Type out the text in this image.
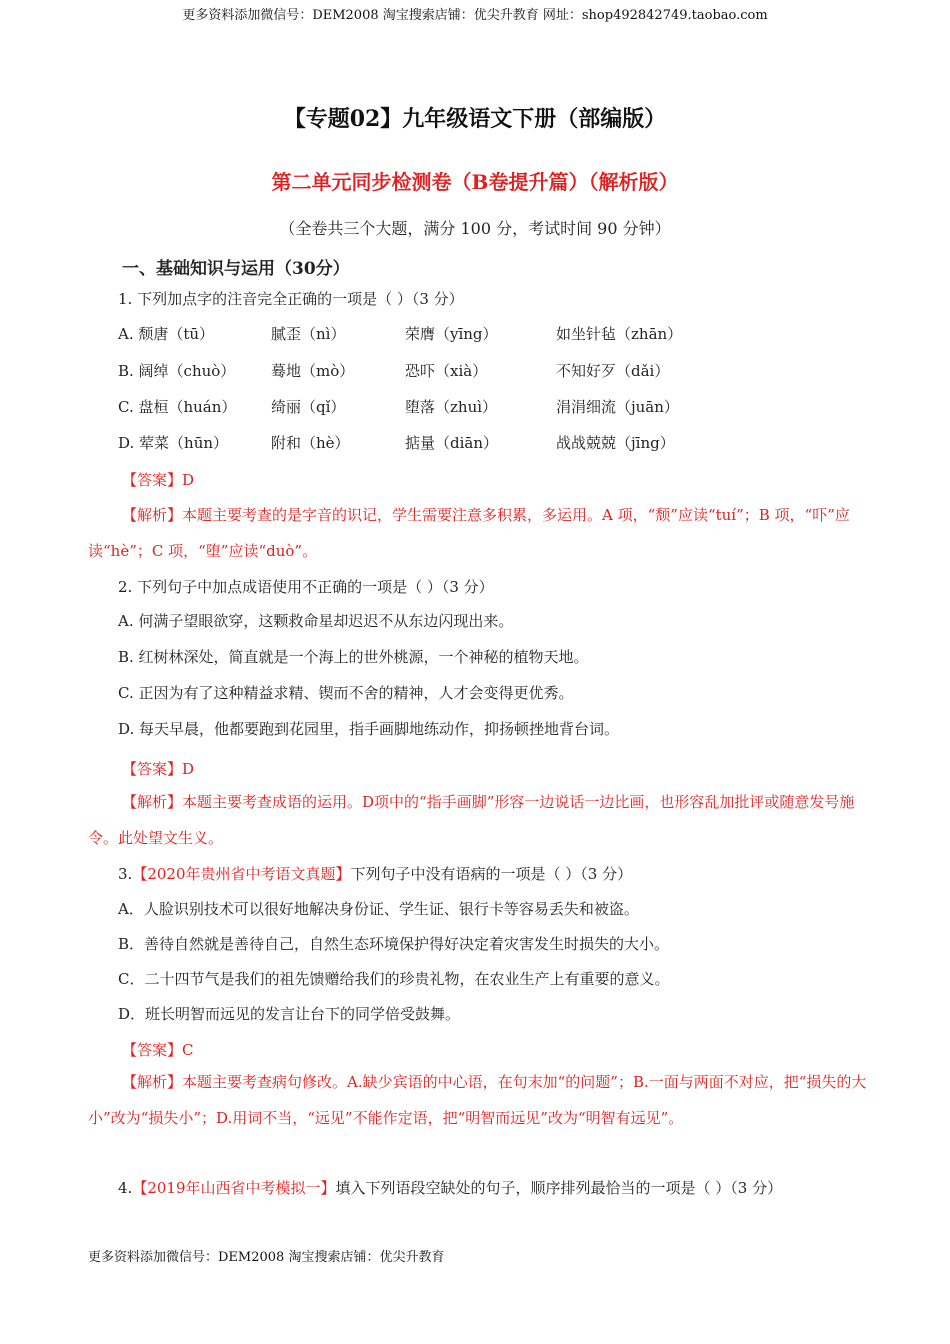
更多资料添加微信号：DEM2008 淘宝搜索店铺：优尖升教育 网址：shop492842749.taobao.com
【专题02】九年级语文下册（部编版）
第二单元同步检测卷（B卷提升篇）（解析版）
（全卷共三个大题，满分 100 分，考试时间 90 分钟）
一、基础知识与运用（30分）
1. 下列加点字的注音完全正确的一项是（ ）（3 分）
A. 颓唐（tū）	腻歪（nì）	荣膺（yīng）	如坐针毡（zhān）
B. 阔绰（chuò） 蓦地（mò）	恐吓（xià）	不知好歹（dǎi）
C. 盘桓（huán） 绮丽（qǐ）	堕落（zhuì）	涓涓细流（juān）
D. 荤菜（hūn）	附和（hè）	掂量（diān）	战战兢兢（jīng）
【答案】D
【解析】本题主要考查的是字音的识记，学生需要注意多积累，多运用。A 项，“颓”应读“tuí”；B 项，“吓”应读“hè”；C 项，“堕”应读“duò”。
2. 下列句子中加点成语使用不正确的一项是（ ）（3 分）
A. 何满子望眼欲穿，这颗救命星却迟迟不从东边闪现出来。
B. 红树林深处，简直就是一个海上的世外桃源，一个神秘的植物天地。
C. 正因为有了这种精益求精、锲而不舍的精神，人才会变得更优秀。
D. 每天早晨，他都要跑到花园里，指手画脚地练动作，抑扬顿挫地背台词。
【答案】D
【解析】本题主要考查成语的运用。D项中的“指手画脚”形容一边说话一边比画，也形容乱加批评或随意发号施令。此处望文生义。
3.【2020年贵州省中考语文真题】下列句子中没有语病的一项是（ ）（3 分）
A．人脸识别技术可以很好地解决身份证、学生证、银行卡等容易丢失和被盗。
B．善待自然就是善待自己，自然生态环境保护得好决定着灾害发生时损失的大小。
C．二十四节气是我们的祖先馈赠给我们的珍贵礼物，在农业生产上有重要的意义。
D．班长明智而远见的发言让台下的同学倍受鼓舞。
【答案】C
【解析】本题主要考查病句修改。A.缺少宾语的中心语，在句末加“的问题”；B.一面与两面不对应，把“损失的大小”改为“损失小”；D.用词不当，“远见”不能作定语，把“明智而远见”改为“明智有远见”。
4.【2019年山西省中考模拟一】填入下列语段空缺处的句子，顺序排列最恰当的一项是（ ）（3 分）
更多资料添加微信号：DEM2008 淘宝搜索店铺：优尖升教育
